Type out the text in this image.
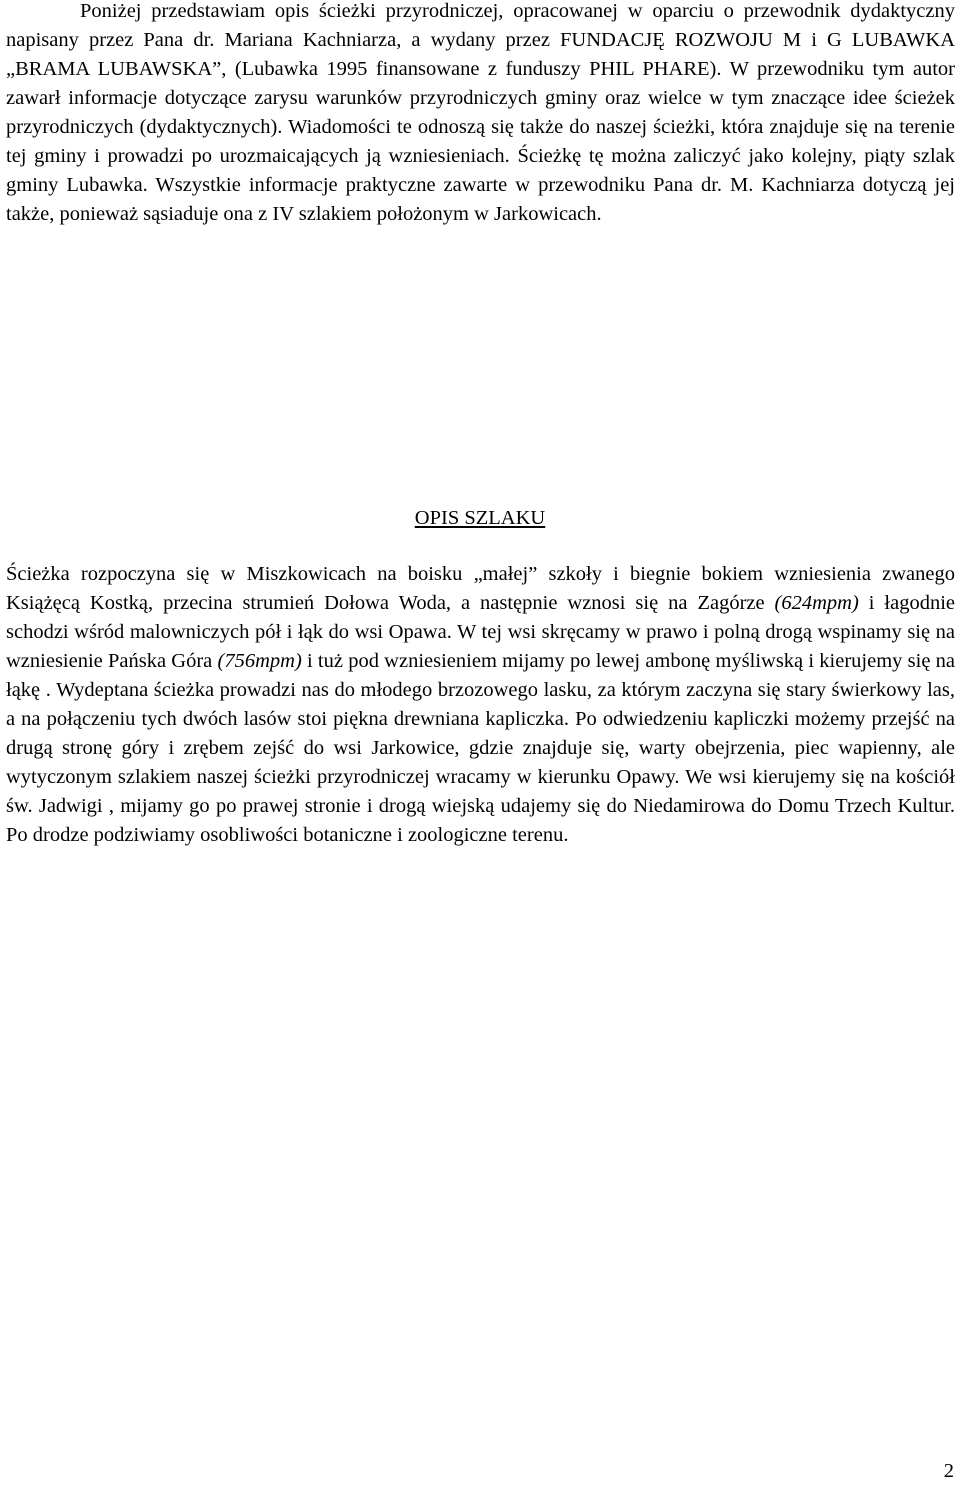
Poniżej przedstawiam opis ścieżki przyrodniczej, opracowanej w oparciu o przewodnik dydaktyczny napisany przez Pana dr. Mariana Kachniarza, a wydany przez FUNDACJĘ ROZWOJU M i G LUBAWKA „BRAMA LUBAWSKA”, (Lubawka 1995 finansowane z funduszy PHIL PHARE). W przewodniku tym autor zawarł informacje dotyczące zarysu warunków przyrodniczych gminy oraz wielce w tym znaczące idee ścieżek przyrodniczych (dydaktycznych). Wiadomości te odnoszą się także do naszej ścieżki, która znajduje się na terenie tej gminy i prowadzi po urozmaicających ją wzniesieniach. Ścieżkę tę można zaliczyć jako kolejny, piąty szlak gminy Lubawka. Wszystkie informacje praktyczne zawarte w przewodniku Pana dr. M. Kachniarza dotyczą jej także, ponieważ sąsiaduje ona z IV szlakiem położonym w Jarkowicach.

OPIS SZLAKU

Ścieżka rozpoczyna się w Miszkowicach na boisku „małej” szkoły i biegnie bokiem wzniesienia zwanego Książęcą Kostką, przecina strumień Dołowa Woda, a następnie wznosi się na Zagórze (624mpm) i łagodnie schodzi wśród malowniczych pół i łąk do wsi Opawa. W tej wsi skręcamy w prawo i polną drogą wspinamy się na wzniesienie Pańska Góra (756mpm) i tuż pod wzniesieniem mijamy po lewej ambonę myśliwską i kierujemy się na łąkę . Wydeptana ścieżka prowadzi nas do młodego brzozowego lasku, za którym zaczyna się stary świerkowy las, a na połączeniu tych dwóch lasów stoi piękna drewniana kapliczka. Po odwiedzeniu kapliczki możemy przejść na drugą stronę góry i zrębem zejść do wsi Jarkowice, gdzie znajduje się, warty obejrzenia, piec wapienny, ale wytyczonym szlakiem naszej ścieżki przyrodniczej wracamy w kierunku Opawy. We wsi kierujemy się na kościół św. Jadwigi , mijamy go po prawej stronie i drogą wiejską udajemy się do Niedamirowa do Domu Trzech Kultur. Po drodze podziwiamy osobliwości botaniczne i zoologiczne terenu.

2
